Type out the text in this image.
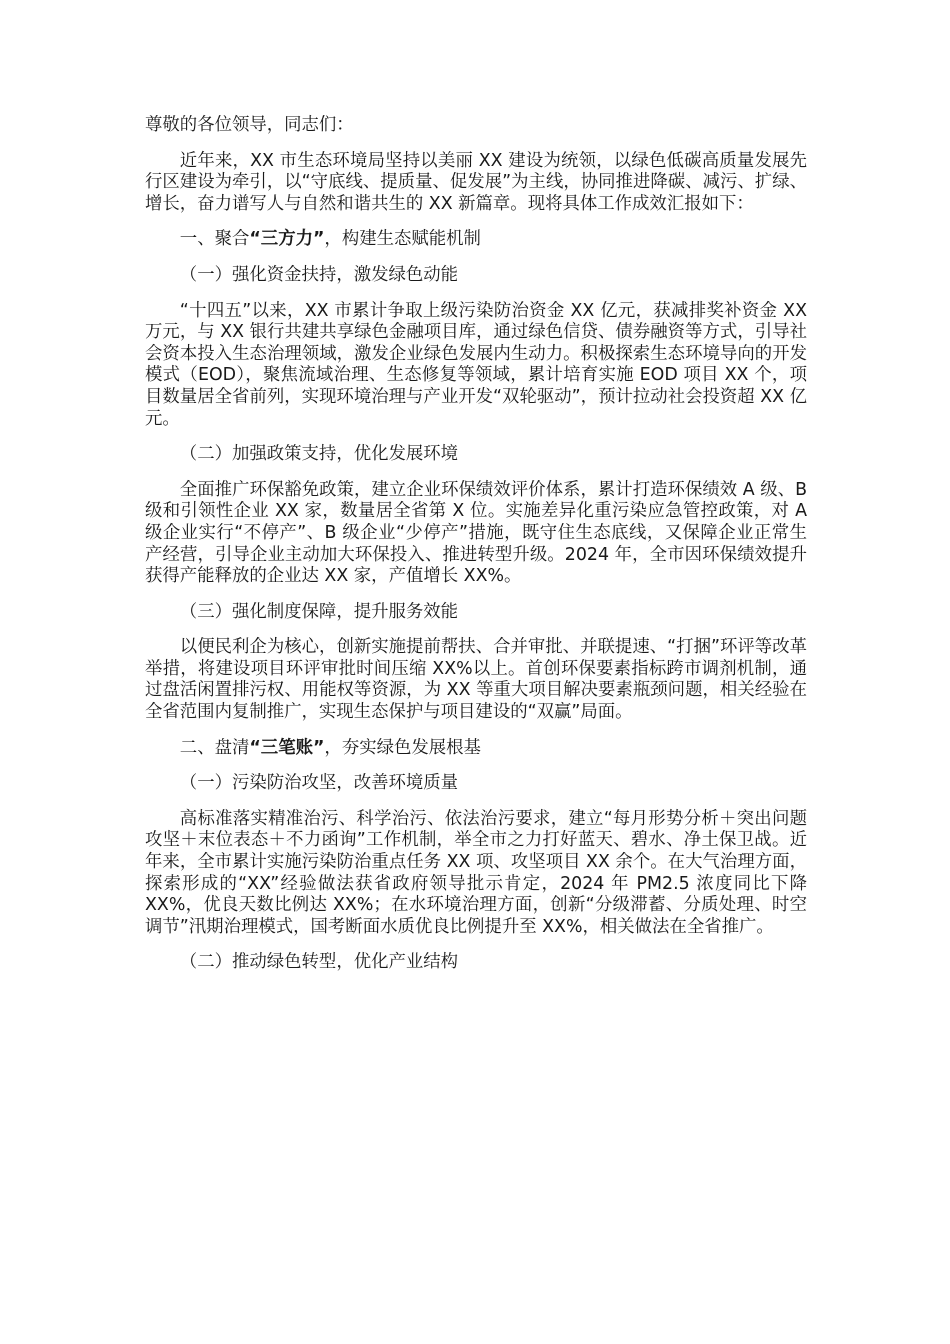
尊敬的各位领导，同志们：

近年来，XX 市生态环境局坚持以美丽 XX 建设为统领，以绿色低碳高质量发展先行区建设为牵引，以“守底线、提质量、促发展”为主线，协同推进降碳、减污、扩绿、增长，奋力谱写人与自然和谐共生的 XX 新篇章。现将具体工作成效汇报如下：

一、聚合“三方力”，构建生态赋能机制

（一）强化资金扶持，激发绿色动能

“十四五”以来，XX 市累计争取上级污染防治资金 XX 亿元，获减排奖补资金 XX 万元，与 XX 银行共建共享绿色金融项目库，通过绿色信贷、债券融资等方式，引导社会资本投入生态治理领域，激发企业绿色发展内生动力。积极探索生态环境导向的开发模式（EOD），聚焦流域治理、生态修复等领域，累计培育实施 EOD 项目 XX 个，项目数量居全省前列，实现环境治理与产业开发“双轮驱动”，预计拉动社会投资超 XX 亿元。

（二）加强政策支持，优化发展环境

全面推广环保豁免政策，建立企业环保绩效评价体系，累计打造环保绩效 A 级、B 级和引领性企业 XX 家，数量居全省第 X 位。实施差异化重污染应急管控政策，对 A 级企业实行“不停产”、B 级企业“少停产”措施，既守住生态底线，又保障企业正常生产经营，引导企业主动加大环保投入、推进转型升级。2024 年，全市因环保绩效提升获得产能释放的企业达 XX 家，产值增长 XX%。

（三）强化制度保障，提升服务效能

以便民利企为核心，创新实施提前帮扶、合并审批、并联提速、“打捆”环评等改革举措，将建设项目环评审批时间压缩 XX%以上。首创环保要素指标跨市调剂机制，通过盘活闲置排污权、用能权等资源，为 XX 等重大项目解决要素瓶颈问题，相关经验在全省范围内复制推广，实现生态保护与项目建设的“双赢”局面。

二、盘清“三笔账”，夯实绿色发展根基

（一）污染防治攻坚，改善环境质量

高标准落实精准治污、科学治污、依法治污要求，建立“每月形势分析＋突出问题攻坚＋末位表态＋不力函询”工作机制，举全市之力打好蓝天、碧水、净土保卫战。近年来，全市累计实施污染防治重点任务 XX 项、攻坚项目 XX 余个。在大气治理方面，探索形成的“XX”经验做法获省政府领导批示肯定，2024 年 PM2.5 浓度同比下降 XX%，优良天数比例达 XX%；在水环境治理方面，创新“分级滞蓄、分质处理、时空调节”汛期治理模式，国考断面水质优良比例提升至 XX%，相关做法在全省推广。

（二）推动绿色转型，优化产业结构
